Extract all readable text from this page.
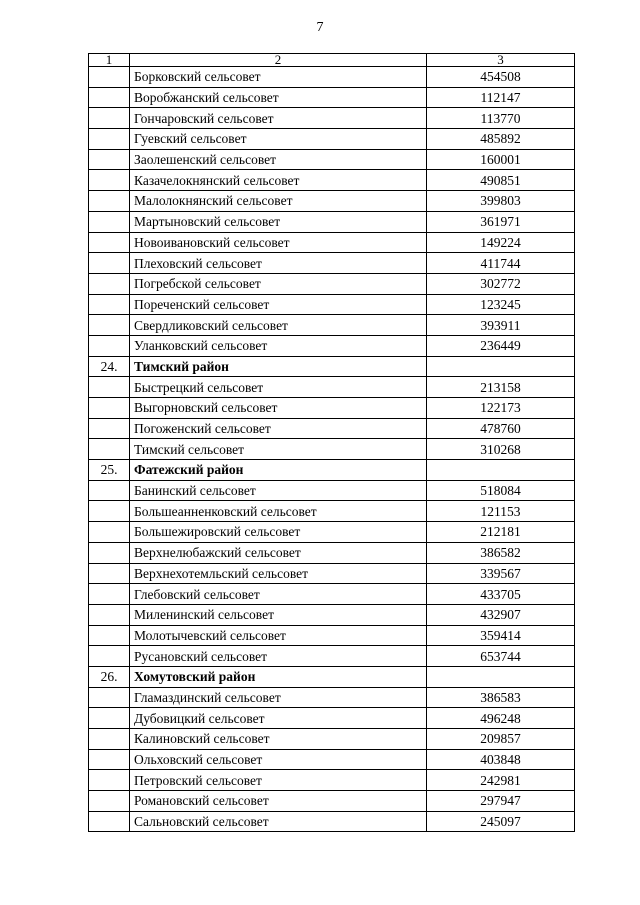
7
1	2	3
	Борковский сельсовет	454508
	Воробжанский сельсовет	112147
	Гончаровский сельсовет	113770
	Гуевский сельсовет	485892
	Заолешенский сельсовет	160001
	Казачелокнянский сельсовет	490851
	Малолокнянский сельсовет	399803
	Мартыновский сельсовет	361971
	Новоивановский сельсовет	149224
	Плеховский сельсовет	411744
	Погребской сельсовет	302772
	Пореченский сельсовет	123245
	Свердликовский сельсовет	393911
	Уланковский сельсовет	236449
24.	Тимский район	
	Быстрецкий сельсовет	213158
	Выгорновский сельсовет	122173
	Погоженский сельсовет	478760
	Тимский сельсовет	310268
25.	Фатежский район	
	Банинский сельсовет	518084
	Большеанненковский сельсовет	121153
	Большежировский сельсовет	212181
	Верхнелюбажский сельсовет	386582
	Верхнехотемльский сельсовет	339567
	Глебовский сельсовет	433705
	Миленинский сельсовет	432907
	Молотычевский сельсовет	359414
	Русановский сельсовет	653744
26.	Хомутовский район	
	Гламаздинский сельсовет	386583
	Дубовицкий сельсовет	496248
	Калиновский сельсовет	209857
	Ольховский сельсовет	403848
	Петровский сельсовет	242981
	Романовский сельсовет	297947
	Сальновский сельсовет	245097
